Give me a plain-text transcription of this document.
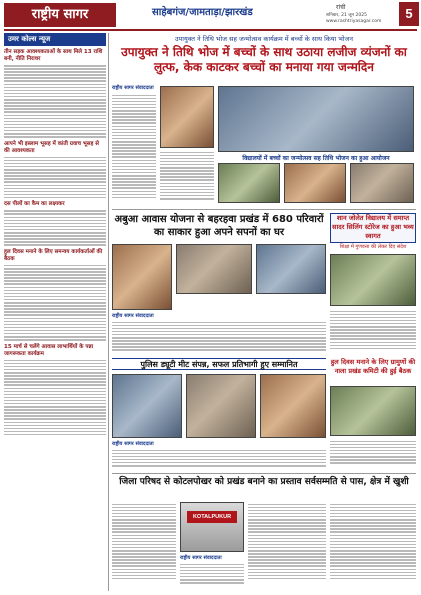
राष्ट्रीय सागर	साहेबगंज/जामताड़ा/झारखंड	रांची
शनिवार, 21 जून 2025
www.rashtriyasagar.com
5
उमर कोल्स न्यूज
तीन सड़क आवश्यकताओं के साथ मिले 13 राशि बनी, नीति निराधर
आपने भी इस्लाम भूसह में कांती ग्रवाच भूसह से की आवश्यकता
दस पीलों का कैम का लक्ष्यकर
हुल दिवस मनाने के लिए समन्वय कार्यकर्ताओं की बैठक
15 मार्च से चलेंगे आवास लाभार्थियों के पन्ना जागरूकता कार्यक्रम
उपायुक्त ने तिथि भोज सह जन्मोत्सव कार्यक्रम में बच्चों के साथ किया भोजन
उपायुक्त ने तिथि भोज में बच्चों के साथ उठाया लजीज व्यंजनों का लुत्फ, केक काटकर बच्चों का मनाया गया जन्मदिन
राष्ट्रीय सागर संवाददाता
विद्यालयों में बच्चों का जन्मोत्सव सह तिथि भोजन का हुआ आयोजन
अबुआ आवास योजना से बहरहवा प्रखंड में 680 परिवारों का साकार हुआ अपने सपनों का घर
राष्ट्रीय सागर संवाददाता
शान जोलेत विद्यालय में समाप्त सादर सिलिंग स्टोरेज का हुआ भव्य स्वागत
शिक्षा में गुणवत्ता की लेकर दिए संदेश
पुलिस ड्यूटी मीट संपन्न, सफल प्रतिभागी हुए सम्मानित
राष्ट्रीय सागर संवाददाता
हुल दिवस मनाने के लिए ग्रामुणों की नाला प्रखंड कमिटी की हुई बैठक
जिला परिषद से कोटलपोखर को प्रखंड बनाने का प्रस्ताव सर्वसम्मति से पास, क्षेत्र में खुशी
KOTALPUKUR
राष्ट्रीय सागर संवाददाता
